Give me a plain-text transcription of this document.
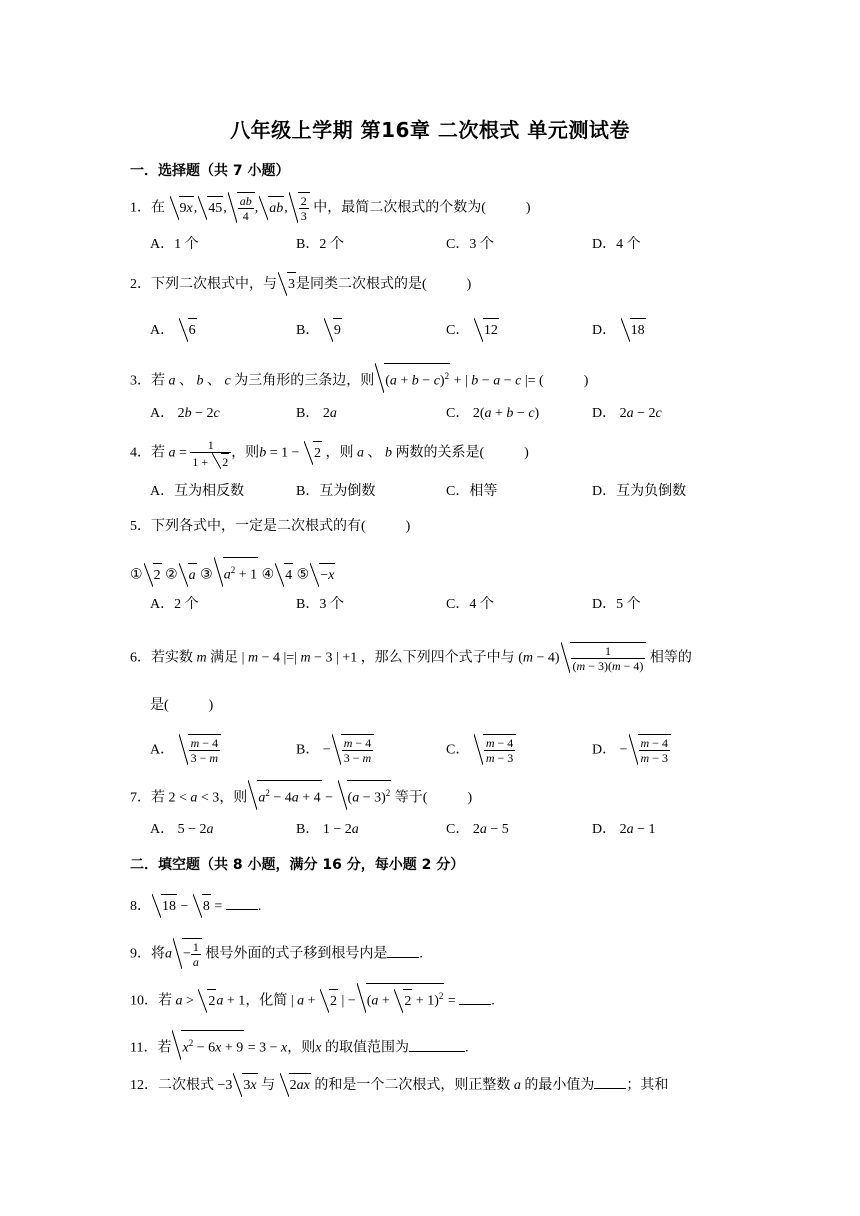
八年级上学期 第16章 二次根式 单元测试卷
一．选择题（共 7 小题）
1．在 9x, 45, $\frac{ab}{4}$ , ab, $\frac{2}{3}$ 中，最简二次根式的个数为(	)
A．1 个	B．2 个	C．3 个	D．4 个
2．下列二次根式中，与 3是同类二次根式的是(	)
A． 6	B． 9	C． 12	D． 18
3．若 a 、 b 、 c 为三角形的三条边，则 $(a + b - c)^2$ + | b − a − c |= (	)
A． 2b − 2c	B． 2a	C． 2(a + b − c)	D． 2a − 2c
4．若 $a = \frac{1}{1 + 2}$ ，则b = 1 − 2 ，则 a 、 b 两数的关系是(	)
A．互为相反数	B．互为倒数	C．相等	D．互为负倒数
5．下列各式中，一定是二次根式的有(	)
① 2 ② a ③ $a^2 + 1$ ④ 4 ⑤ −x
A．2 个	B．3 个	C．4 个	D．5 个
6．若实数 m 满足 | m − 4 |=| m − 3 | +1 ，那么下列四个式子中与 $(m - 4) \frac{1}{(m - 3)(m - 4)}$ 相等的
是(	)
A． $\frac{m - 4}{3 - m}$	B． − $\frac{m - 4}{3 - m}$	C． $\frac{m - 4}{m - 3}$	D． − $\frac{m - 4}{m - 3}$
7．若 2 < a < 3，则 $a^2 - 4a + 4 - (a - 3)^2$ 等于(	)
A． 5 − 2a	B． 1 − 2a	C． 2a − 5	D． 2a − 1
二．填空题（共 8 小题，满分 16 分，每小题 2 分）
8． 18 − 8 = .
9．将$a - \frac{1}{a}$ 根号外面的式子移到根号内是 .
10．若 a > 2a + 1，化简 | a + 2 | − $(a + 2 + 1)^2$ = .
11．若 $x^2 - 6x + 9 = 3 - x$，则x 的取值范围为	.
12．二次根式 −3 3x 与 2ax 的和是一个二次根式，则正整数 a 的最小值为 ；其和
